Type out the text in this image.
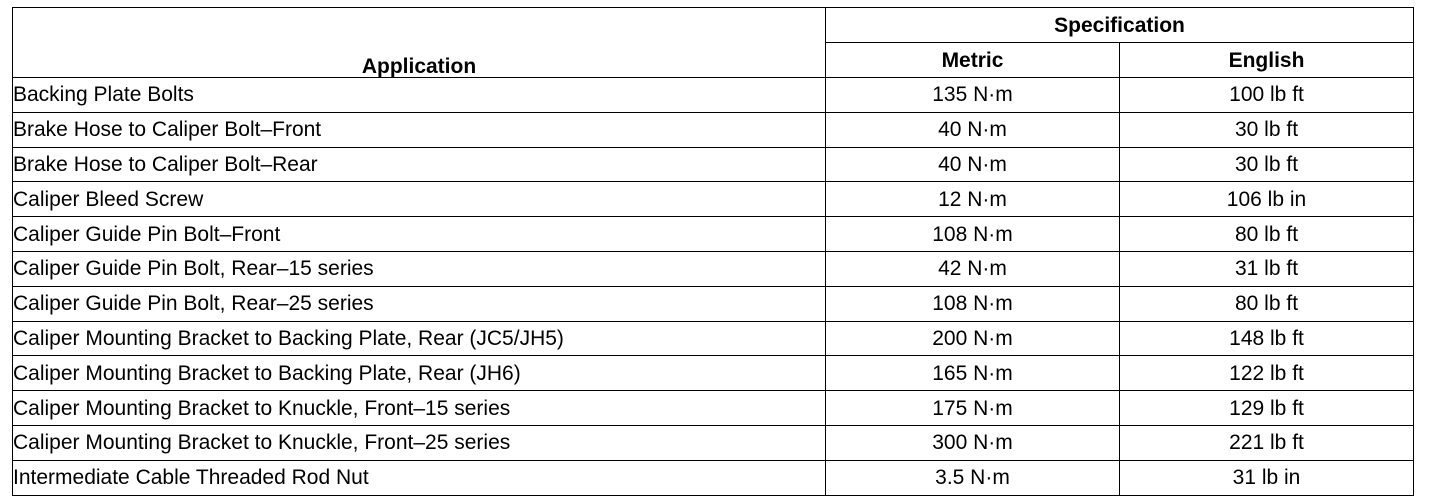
Application	Specification	
	Metric	English
Backing Plate Bolts	135 N·m	100 lb ft
Brake Hose to Caliper Bolt–Front	40 N·m	30 lb ft
Brake Hose to Caliper Bolt–Rear	40 N·m	30 lb ft
Caliper Bleed Screw	12 N·m	106 lb in
Caliper Guide Pin Bolt–Front	108 N·m	80 lb ft
Caliper Guide Pin Bolt, Rear–15 series	42 N·m	31 lb ft
Caliper Guide Pin Bolt, Rear–25 series	108 N·m	80 lb ft
Caliper Mounting Bracket to Backing Plate, Rear (JC5/JH5)	200 N·m	148 lb ft
Caliper Mounting Bracket to Backing Plate, Rear (JH6)	165 N·m	122 lb ft
Caliper Mounting Bracket to Knuckle, Front–15 series	175 N·m	129 lb ft
Caliper Mounting Bracket to Knuckle, Front–25 series	300 N·m	221 lb ft
Intermediate Cable Threaded Rod Nut	3.5 N·m	31 lb in
